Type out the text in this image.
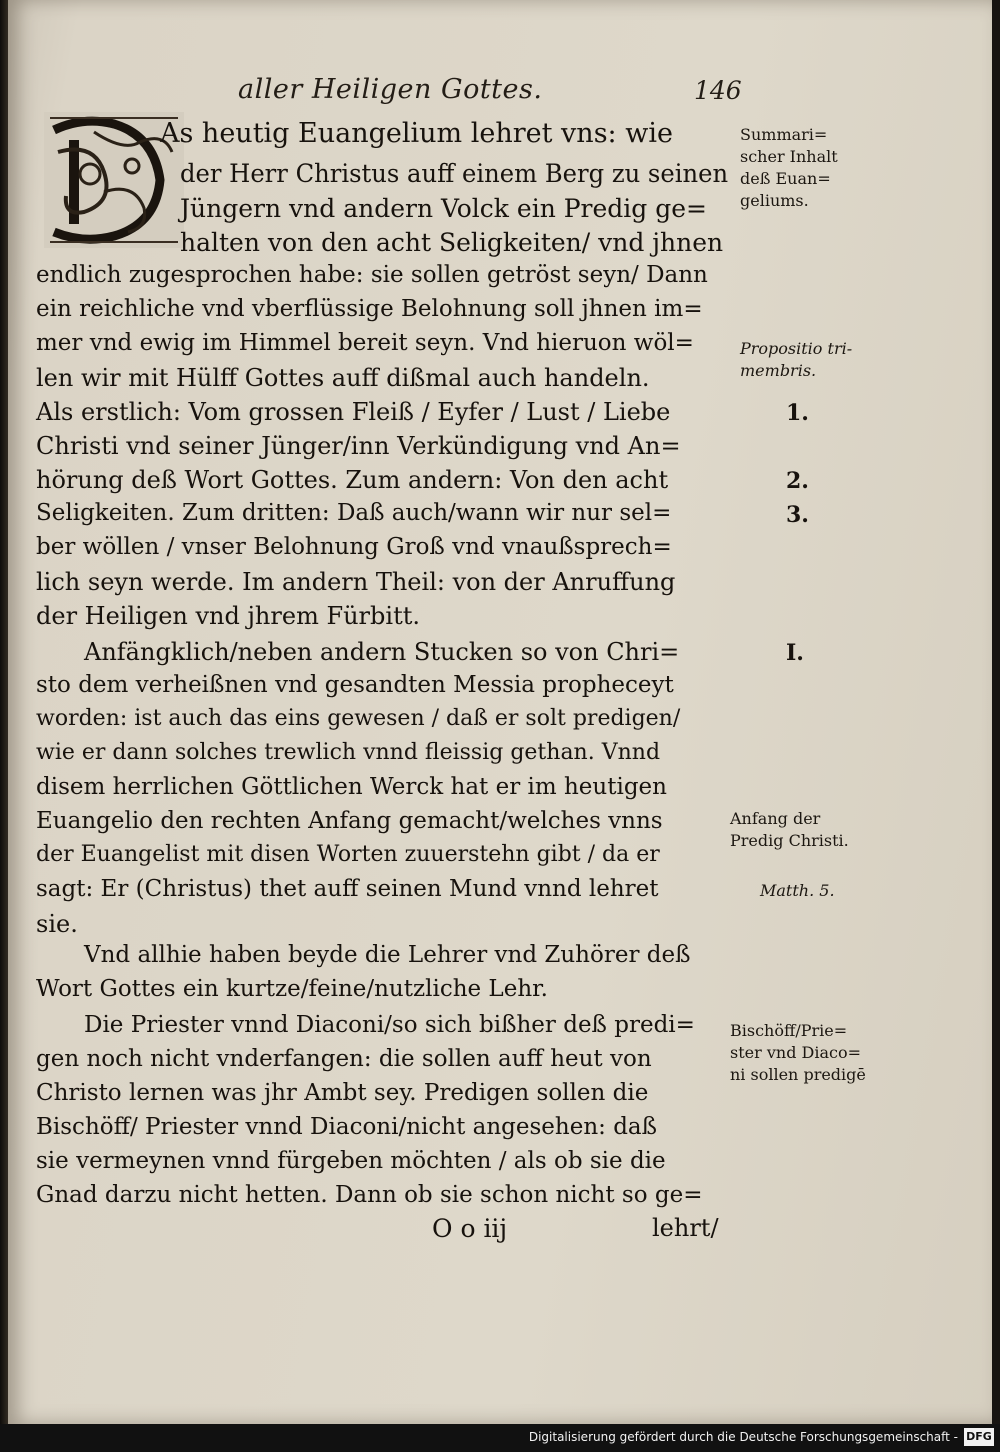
aller Heiligen Gottes.	146
As heutig Euangelium lehret vns: wie
der Herr Christus auff einem Berg zu seinen
Jüngern vnd andern Volck ein Predig ge=
halten von den acht Seligkeiten/ vnd jhnen
endlich zugesprochen habe: sie sollen getröst seyn/ Dann
ein reichliche vnd vberflüssige Belohnung soll jhnen im=
mer vnd ewig im Himmel bereit seyn. Vnd hieruon wöl=
len wir mit Hülff Gottes auff dißmal auch handeln.
Als erstlich: Vom grossen Fleiß / Eyfer / Lust / Liebe
Christi vnd seiner Jünger/inn Verkündigung vnd An=
hörung deß Wort Gottes. Zum andern: Von den acht
Seligkeiten. Zum dritten: Daß auch/wann wir nur sel=
ber wöllen / vnser Belohnung Groß vnd vnaußsprech=
lich seyn werde. Im andern Theil: von der Anruffung
der Heiligen vnd jhrem Fürbitt.
Anfängklich/neben andern Stucken so von Chri=
sto dem verheißnen vnd gesandten Messia propheceyt
worden: ist auch das eins gewesen / daß er solt predigen/
wie er dann solches trewlich vnnd fleissig gethan. Vnnd
disem herrlichen Göttlichen Werck hat er im heutigen
Euangelio den rechten Anfang gemacht/welches vnns
der Euangelist mit disen Worten zuuerstehn gibt / da er
sagt: Er (Christus) thet auff seinen Mund vnnd lehret
sie.
Vnd allhie haben beyde die Lehrer vnd Zuhörer deß
Wort Gottes ein kurtze/feine/nutzliche Lehr.
Die Priester vnnd Diaconi/so sich bißher deß predi=
gen noch nicht vnderfangen: die sollen auff heut von
Christo lernen was jhr Ambt sey. Predigen sollen die
Bischöff/ Priester vnnd Diaconi/nicht angesehen: daß
sie vermeynen vnnd fürgeben möchten / als ob sie die
Gnad darzu nicht hetten. Dann ob sie schon nicht so ge=
O o iij	lehrt/
Summari=
scher Inhalt
deß Euan=
geliums.
Propositio tri-
membris.
Anfang der
Predig Christi.
Matth. 5.
Bischöff/Prie=
ster vnd Diaco=
ni sollen predigē
1.
2.
3.
I.
Digitalisierung gefördert durch die Deutsche Forschungsgemeinschaft - DFG
